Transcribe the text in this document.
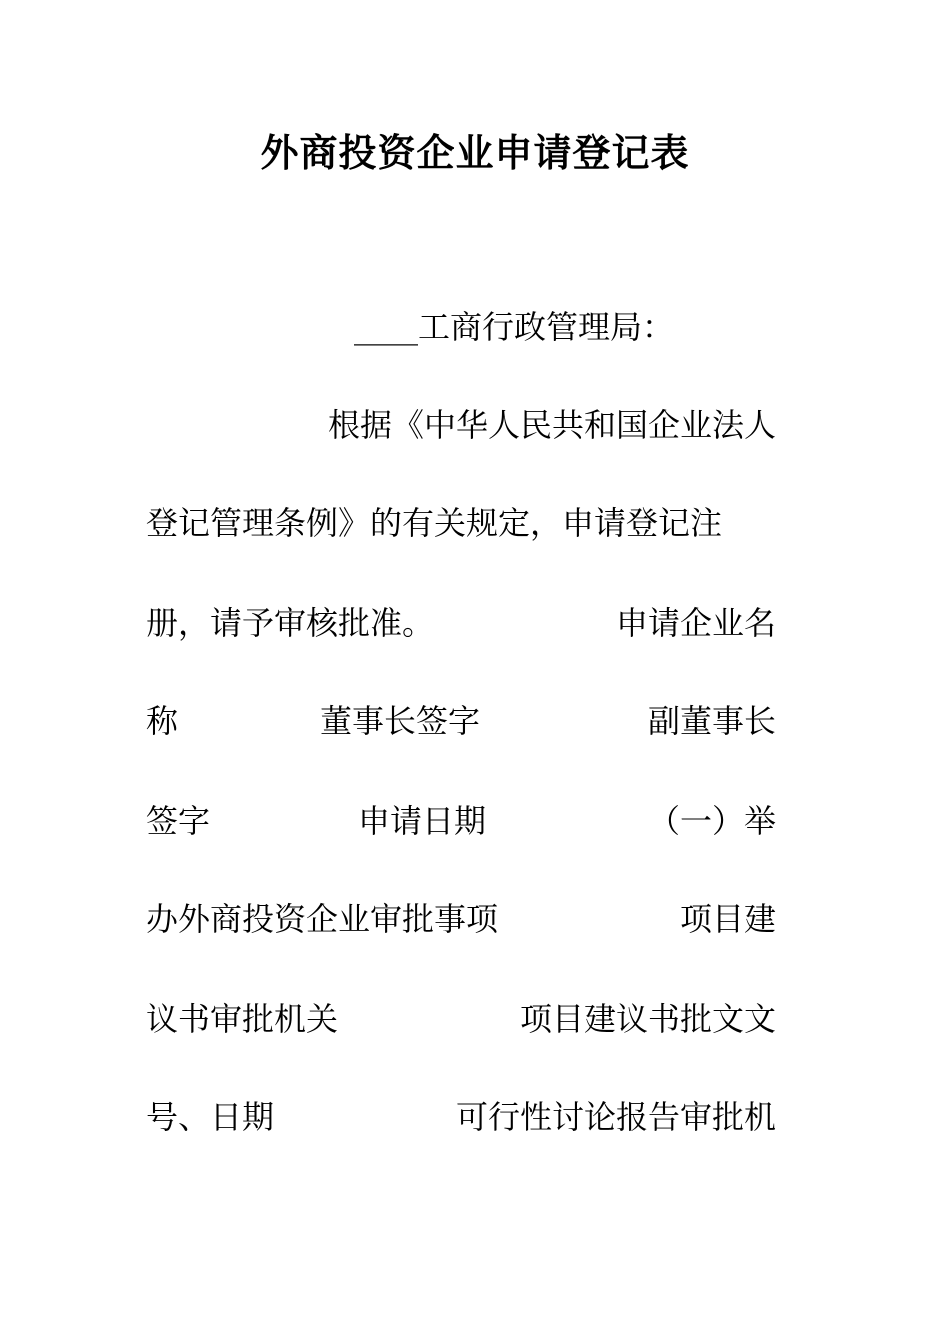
外商投资企业申请登记表
____工商行政管理局：
根据《中华人民共和国企业法人
登记管理条例》的有关规定，申请登记注
册，请予审核批准。	申请企业名
称	董事长签字	副董事长
签字	申请日期	（一）举
办外商投资企业审批事项	项目建
议书审批机关	项目建议书批文文
号、日期	可行性讨论报告审批机
